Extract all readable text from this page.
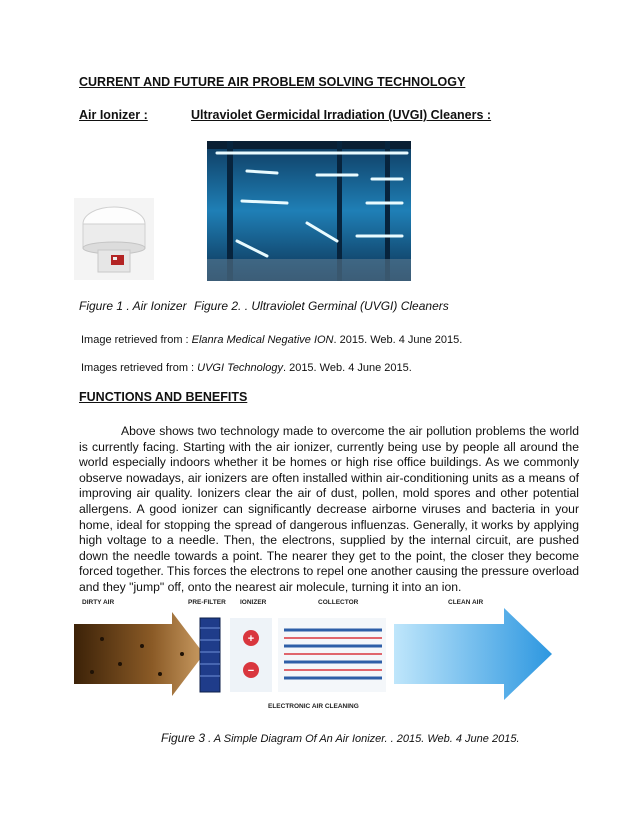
CURRENT AND FUTURE AIR PROBLEM SOLVING TECHNOLOGY
Air Ionizer :	Ultraviolet Germicidal Irradiation (UVGI) Cleaners :
Figure 1 . Air Ionizer Figure 2. . Ultraviolet Germinal (UVGI) Cleaners
Image retrieved from : Elanra Medical Negative ION. 2015. Web. 4 June 2015.
Images retrieved from : UVGI Technology. 2015. Web. 4 June 2015.
FUNCTIONS AND BENEFITS
Above shows two technology made to overcome the air pollution problems the world is currently facing. Starting with the air ionizer, currently being use by people all around the world especially indoors whether it be homes or high rise office buildings. As we commonly observe nowadays, air ionizers are often installed within air-conditioning units as a means of improving air quality. Ionizers clear the air of dust, pollen, mold spores and other potential allergens. A good ionizer can significantly decrease airborne viruses and bacteria in your home, ideal for stopping the spread of dangerous influenzas. Generally, it works by applying high voltage to a needle. Then, the electrons, supplied by the internal circuit, are pushed down the needle towards a point. The nearer they get to the point, the closer they become forced together. This forces the electrons to repel one another causing the pressure overload and they "jump" off, onto the nearest air molecule, turning it into an ion.
+
−
DIRTY AIR	PRE-FILTER IONIZER	COLLECTOR	CLEAN AIR
ELECTRONIC AIR CLEANING
Figure 3 . A Simple Diagram Of An Air Ionizer. . 2015. Web. 4 June 2015.
